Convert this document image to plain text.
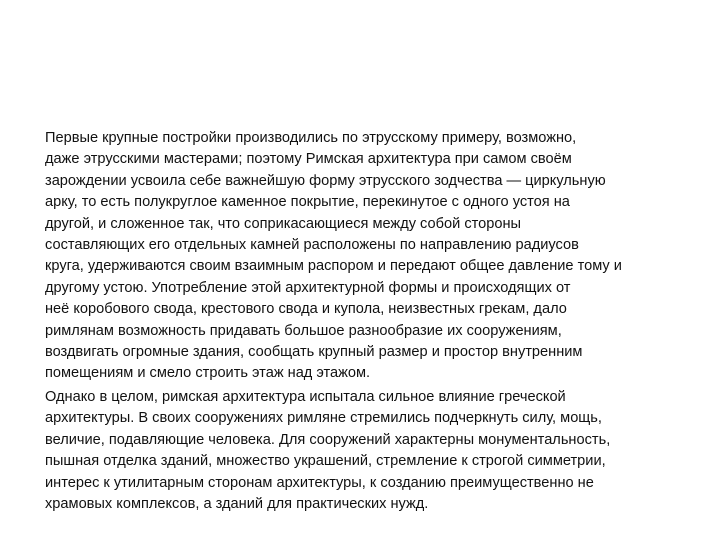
Первые крупные постройки производились по этрусскому примеру, возможно,
даже этрусскими мастерами; поэтому Римская архитектура при самом своём
зарождении усвоила себе важнейшую форму этрусского зодчества — циркульную
арку, то есть полукруглое каменное покрытие, перекинутое с одного устоя на
другой, и сложенное так, что соприкасающиеся между собой стороны
составляющих его отдельных камней расположены по направлению радиусов
круга, удерживаются своим взаимным распором и передают общее давление тому и
другому устою. Употребление этой архитектурной формы и происходящих от
неё коробового свода, крестового свода и купола, неизвестных грекам, дало
римлянам возможность придавать большое разнообразие их сооружениям,
воздвигать огромные здания, сообщать крупный размер и простор внутренним
помещениям и смело строить этаж над этажом.
Однако в целом, римская архитектура испытала сильное влияние греческой
архитектуры. В своих сооружениях римляне стремились подчеркнуть силу, мощь,
величие, подавляющие человека. Для сооружений характерны монументальность,
пышная отделка зданий, множество украшений, стремление к строгой симметрии,
интерес к утилитарным сторонам архитектуры, к созданию преимущественно не
храмовых комплексов, а зданий для практических нужд.
